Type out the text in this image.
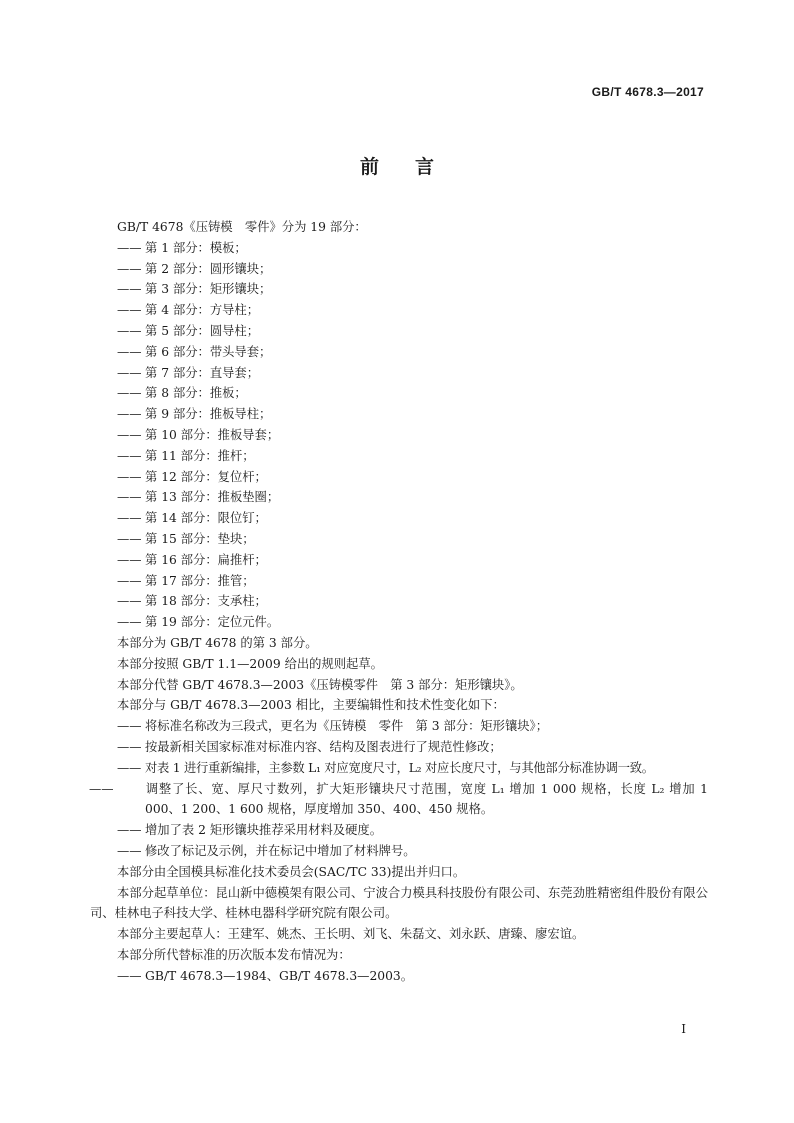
GB/T 4678.3—2017
前言

GB/T 4678《压铸模　零件》分为 19 部分：

—— 第 1 部分：模板；

—— 第 2 部分：圆形镶块；

—— 第 3 部分：矩形镶块；

—— 第 4 部分：方导柱；

—— 第 5 部分：圆导柱；

—— 第 6 部分：带头导套；

—— 第 7 部分：直导套；

—— 第 8 部分：推板；

—— 第 9 部分：推板导柱；

—— 第 10 部分：推板导套；

—— 第 11 部分：推杆；

—— 第 12 部分：复位杆；

—— 第 13 部分：推板垫圈；

—— 第 14 部分：限位钉；

—— 第 15 部分：垫块；

—— 第 16 部分：扁推杆；

—— 第 17 部分：推管；

—— 第 18 部分：支承柱；

—— 第 19 部分：定位元件。

本部分为 GB/T 4678 的第 3 部分。

本部分按照 GB/T 1.1—2009 给出的规则起草。

本部分代替 GB/T 4678.3—2003《压铸模零件　第 3 部分：矩形镶块》。

本部分与 GB/T 4678.3—2003 相比，主要编辑性和技术性变化如下：

—— 将标准名称改为三段式，更名为《压铸模　零件　第 3 部分：矩形镶块》；

—— 按最新相关国家标准对标准内容、结构及图表进行了规范性修改；

—— 对表 1 进行重新编排，主参数 L₁ 对应宽度尺寸，L₂ 对应长度尺寸，与其他部分标准协调一致。

——	调整了长、宽、厚尺寸数列，扩大矩形镶块尺寸范围，宽度 L₁ 增加 1 000 规格，长度 L₂ 增加 1 000、1 200、1 600 规格，厚度增加 350、400、450 规格。

—— 增加了表 2 矩形镶块推荐采用材料及硬度。

—— 修改了标记及示例，并在标记中增加了材料牌号。

本部分由全国模具标准化技术委员会(SAC/TC 33)提出并归口。

本部分起草单位：昆山新中德模架有限公司、宁波合力模具科技股份有限公司、东莞劲胜精密组件股份有限公司、桂林电子科技大学、桂林电器科学研究院有限公司。

本部分主要起草人：王建军、姚杰、王长明、刘飞、朱磊文、刘永跃、唐臻、廖宏谊。

本部分所代替标准的历次版本发布情况为：

—— GB/T 4678.3—1984、GB/T 4678.3—2003。

I
